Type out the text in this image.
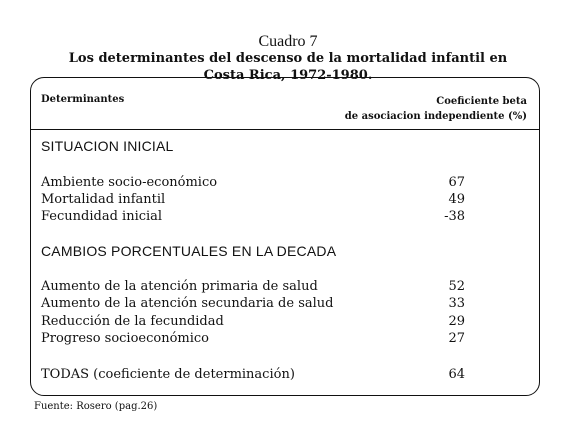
Cuadro 7
Los determinantes del descenso de la mortalidad infantil en
Costa Rica, 1972-1980.
Determinantes	Coeficiente beta
de asociacion independiente (%)
SITUACION INICIAL
Ambiente socio-económico	67
Mortalidad infantil	49
Fecundidad inicial	-38
CAMBIOS PORCENTUALES EN LA DECADA
Aumento de la atención primaria de salud	52
Aumento de la atención secundaria de salud	33
Reducción de la fecundidad	29
Progreso socioeconómico	27
TODAS (coeficiente de determinación)	64
Fuente: Rosero (pag.26)
